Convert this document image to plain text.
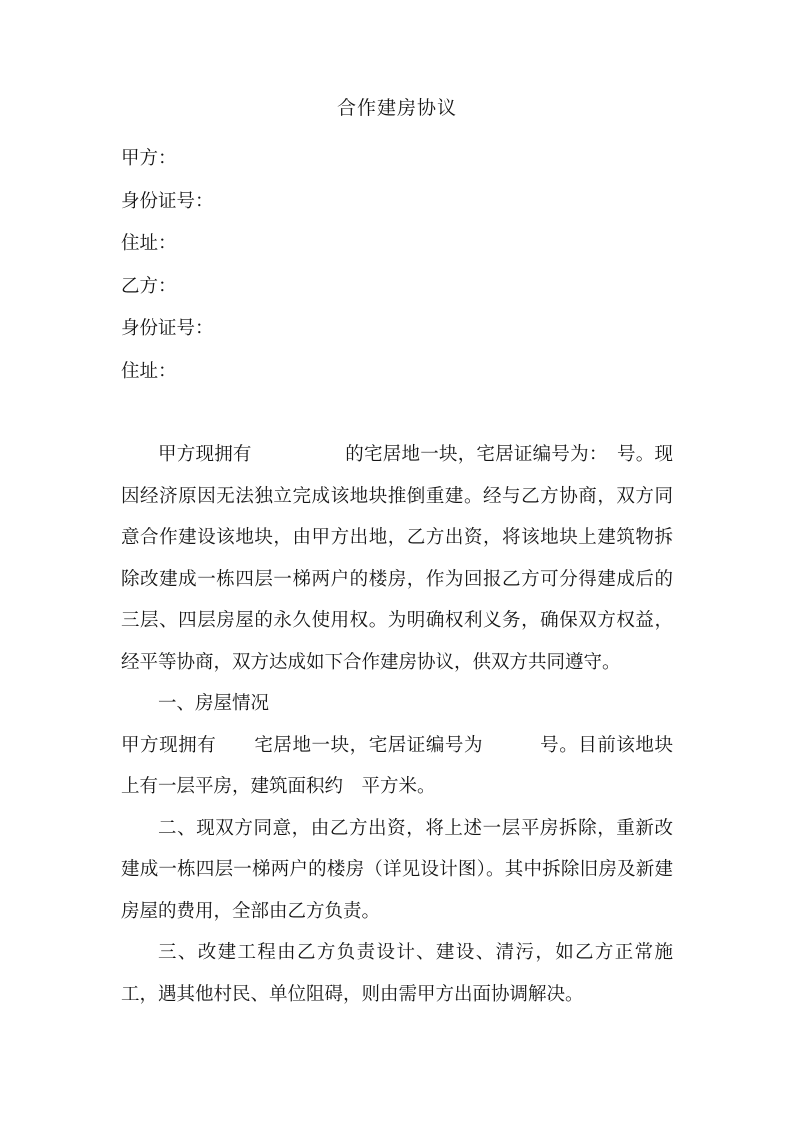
合作建房协议

甲方：

身份证号：

住址：

乙方：

身份证号：

住址：

甲方现拥有　　　　　的宅居地一块，宅居证编号为：　号。现因经济原因无法独立完成该地块推倒重建。经与乙方协商，双方同意合作建设该地块，由甲方出地，乙方出资，将该地块上建筑物拆除改建成一栋四层一梯两户的楼房，作为回报乙方可分得建成后的三层、四层房屋的永久使用权。为明确权利义务，确保双方权益，经平等协商，双方达成如下合作建房协议，供双方共同遵守。

一、房屋情况

甲方现拥有　　宅居地一块，宅居证编号为　　　号。目前该地块上有一层平房，建筑面积约　平方米。

二、现双方同意，由乙方出资，将上述一层平房拆除，重新改建成一栋四层一梯两户的楼房（详见设计图）。其中拆除旧房及新建房屋的费用，全部由乙方负责。

三、改建工程由乙方负责设计、建设、清污，如乙方正常施工，遇其他村民、单位阻碍，则由需甲方出面协调解决。
